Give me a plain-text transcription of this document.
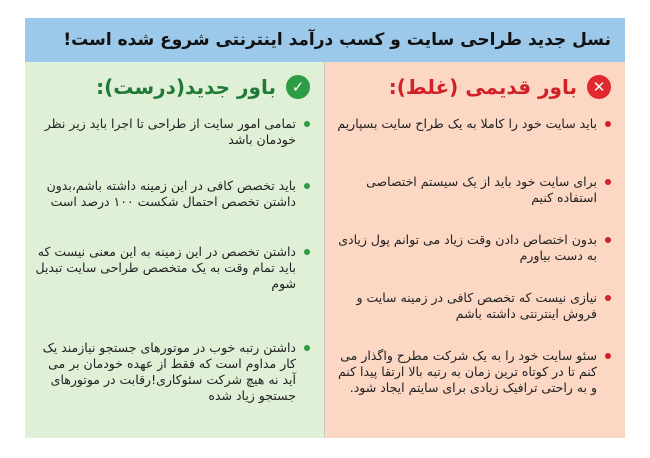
نسل جدید طراحی سایت و کسب درآمد اینترنتی شروع شده است!
✕
باور قدیمی (غلط):
باید سایت خود را کاملا به یک طراح سایت بسپاریم
برای سایت خود باید از یک سیستم اختصاصی استفاده کنیم
بدون اختصاص دادن وقت زیاد می توانم پول زیادی به دست بیاورم
نیازی نیست که تخصص کافی در زمینه سایت و فروش اینترنتی داشته باشم
سئو سایت خود را به یک شرکت مطرح واگذار می کنم تا در کوتاه ترین زمان به رتبه بالا ارتقا پیدا کنم و به راحتی ترافیک زیادی برای سایتم ایجاد شود.
✓
باور جدید(درست):
تمامی امور سایت از طراحی تا اجرا باید زیر نظر خودمان باشد
باید تخصص کافی در این زمینه داشته باشم،بدون داشتن تخصص احتمال شکست ۱۰۰ درصد است
داشتن تخصص در این زمینه به این معنی نیست که باید تمام وقت به یک متخصص طراحی سایت تبدیل شوم
داشتن رتبه خوب در موتورهای جستجو نیازمند یک کار مداوم است که فقط از عهده خودمان بر می آید نه هیچ شرکت سئوکاری!رقابت در موتورهای جستجو زیاد شده
